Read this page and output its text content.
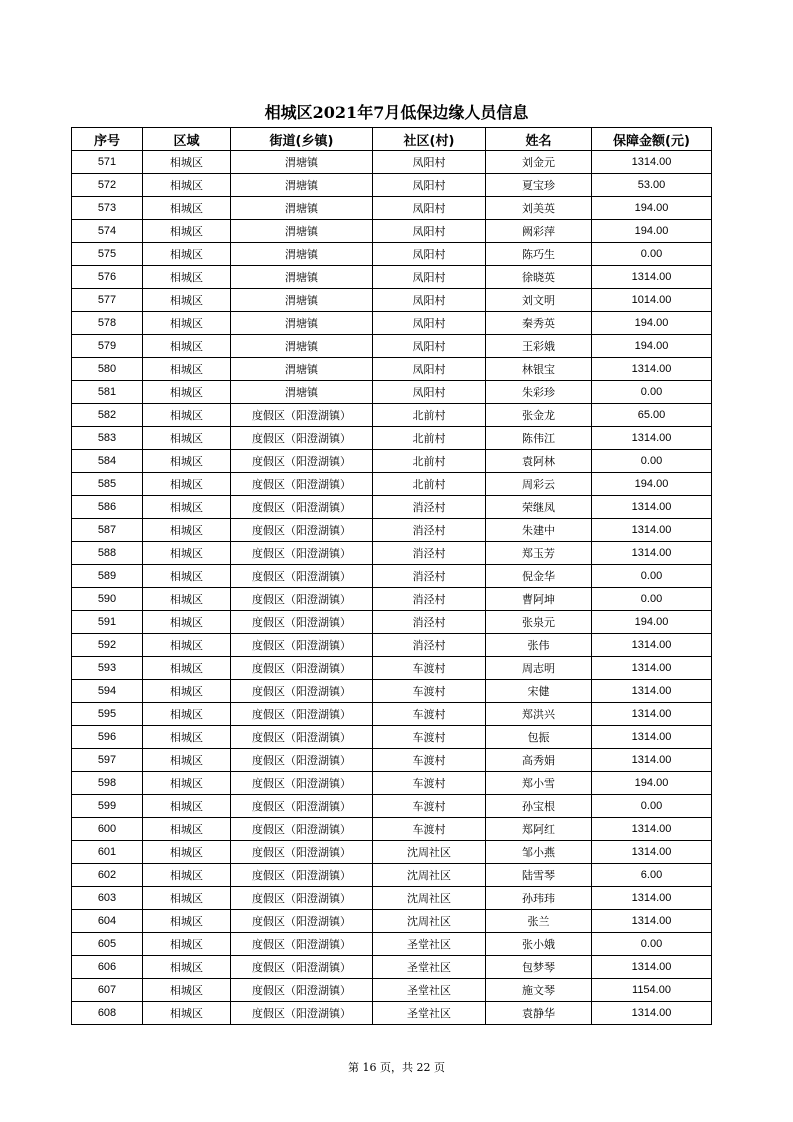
相城区2021年7月低保边缘人员信息
序号	区域	街道(乡镇)	社区(村)	姓名	保障金额(元)
571	相城区	渭塘镇	凤阳村	刘金元	1314.00
572	相城区	渭塘镇	凤阳村	夏宝珍	53.00
573	相城区	渭塘镇	凤阳村	刘美英	194.00
574	相城区	渭塘镇	凤阳村	阙彩萍	194.00
575	相城区	渭塘镇	凤阳村	陈巧生	0.00
576	相城区	渭塘镇	凤阳村	徐晓英	1314.00
577	相城区	渭塘镇	凤阳村	刘文明	1014.00
578	相城区	渭塘镇	凤阳村	秦秀英	194.00
579	相城区	渭塘镇	凤阳村	王彩娥	194.00
580	相城区	渭塘镇	凤阳村	林银宝	1314.00
581	相城区	渭塘镇	凤阳村	朱彩珍	0.00
582	相城区	度假区（阳澄湖镇）	北前村	张金龙	65.00
583	相城区	度假区（阳澄湖镇）	北前村	陈伟江	1314.00
584	相城区	度假区（阳澄湖镇）	北前村	袁阿林	0.00
585	相城区	度假区（阳澄湖镇）	北前村	周彩云	194.00
586	相城区	度假区（阳澄湖镇）	消泾村	荣继凤	1314.00
587	相城区	度假区（阳澄湖镇）	消泾村	朱建中	1314.00
588	相城区	度假区（阳澄湖镇）	消泾村	郑玉芳	1314.00
589	相城区	度假区（阳澄湖镇）	消泾村	倪金华	0.00
590	相城区	度假区（阳澄湖镇）	消泾村	曹阿坤	0.00
591	相城区	度假区（阳澄湖镇）	消泾村	张泉元	194.00
592	相城区	度假区（阳澄湖镇）	消泾村	张伟	1314.00
593	相城区	度假区（阳澄湖镇）	车渡村	周志明	1314.00
594	相城区	度假区（阳澄湖镇）	车渡村	宋健	1314.00
595	相城区	度假区（阳澄湖镇）	车渡村	郑洪兴	1314.00
596	相城区	度假区（阳澄湖镇）	车渡村	包振	1314.00
597	相城区	度假区（阳澄湖镇）	车渡村	高秀娟	1314.00
598	相城区	度假区（阳澄湖镇）	车渡村	郑小雪	194.00
599	相城区	度假区（阳澄湖镇）	车渡村	孙宝根	0.00
600	相城区	度假区（阳澄湖镇）	车渡村	郑阿红	1314.00
601	相城区	度假区（阳澄湖镇）	沈周社区	邹小燕	1314.00
602	相城区	度假区（阳澄湖镇）	沈周社区	陆雪琴	6.00
603	相城区	度假区（阳澄湖镇）	沈周社区	孙玮玮	1314.00
604	相城区	度假区（阳澄湖镇）	沈周社区	张兰	1314.00
605	相城区	度假区（阳澄湖镇）	圣堂社区	张小娥	0.00
606	相城区	度假区（阳澄湖镇）	圣堂社区	包梦琴	1314.00
607	相城区	度假区（阳澄湖镇）	圣堂社区	施文琴	1154.00
608	相城区	度假区（阳澄湖镇）	圣堂社区	袁静华	1314.00
第 16 页，共 22 页
